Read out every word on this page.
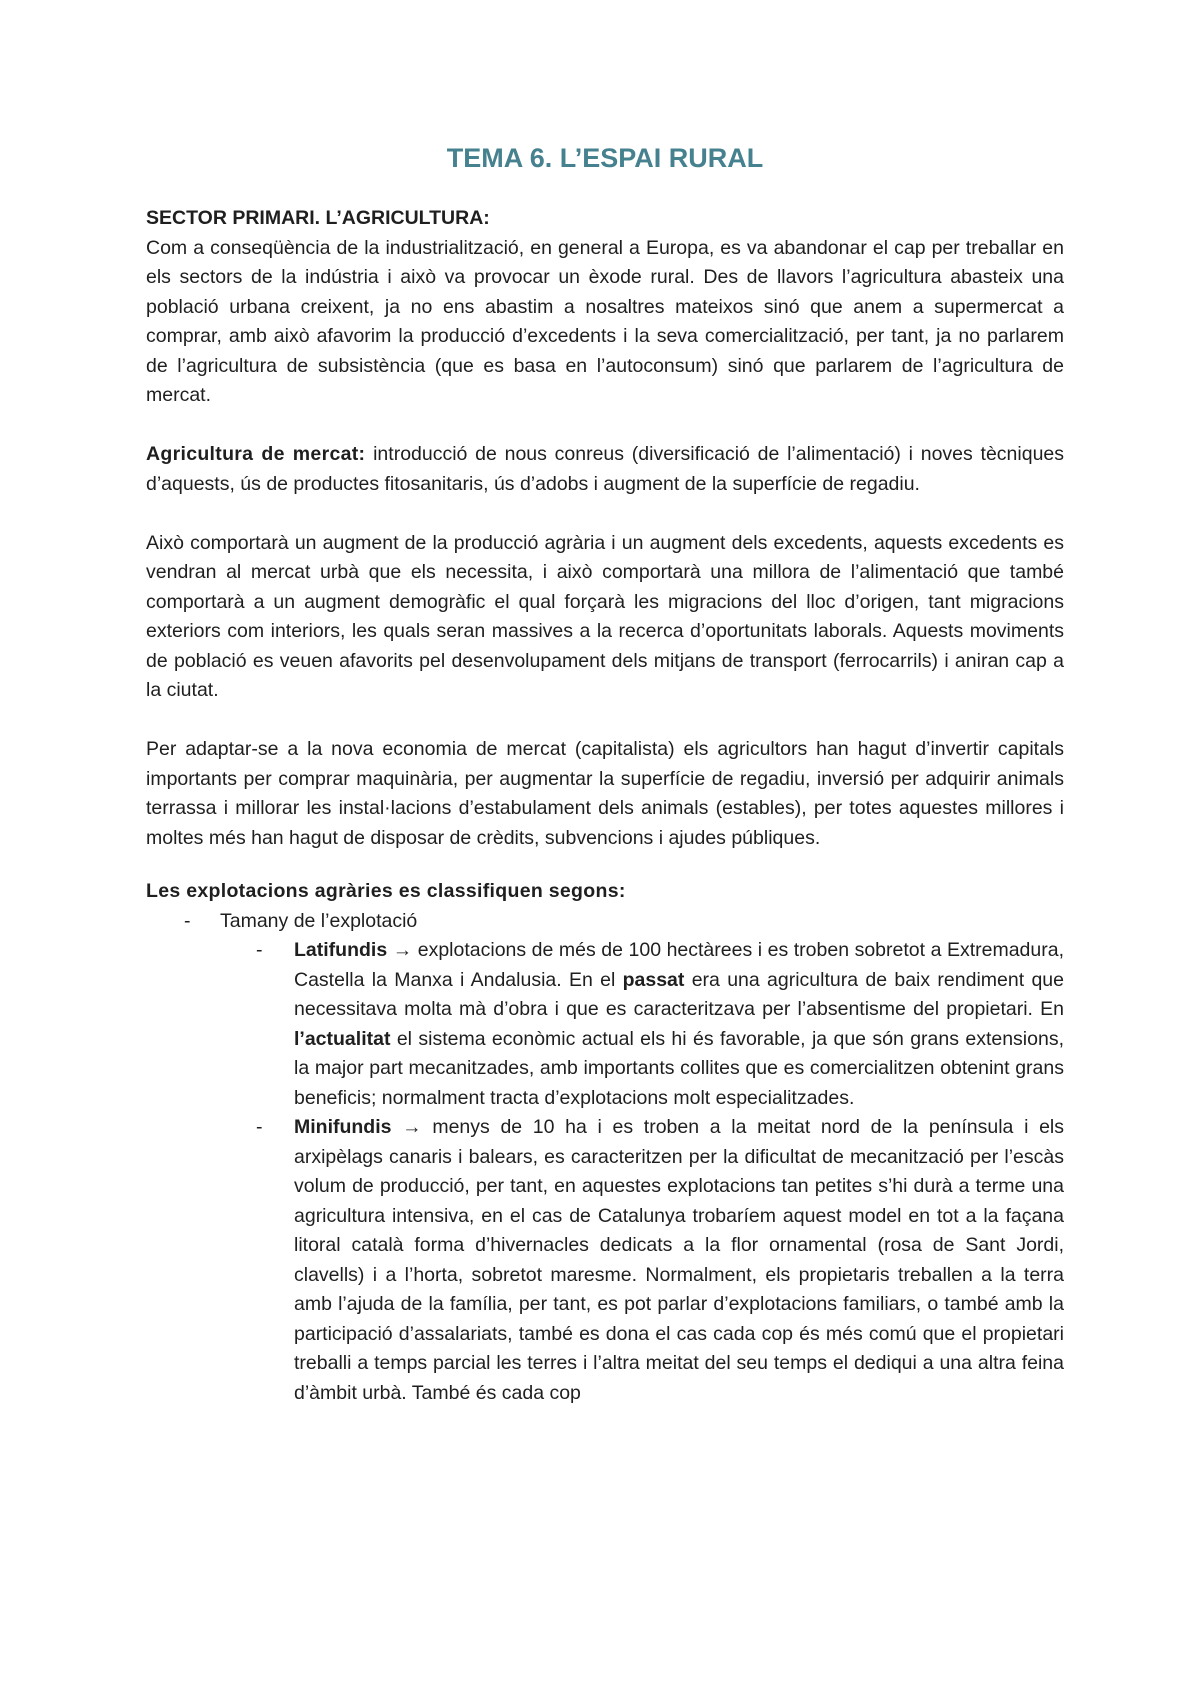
TEMA 6. L’ESPAI RURAL
SECTOR PRIMARI. L’AGRICULTURA:

Com a conseqüència de la industrialització, en general a Europa, es va abandonar el cap per treballar en els sectors de la indústria i això va provocar un èxode rural. Des de llavors l’agricultura abasteix una població urbana creixent, ja no ens abastim a nosaltres mateixos sinó que anem a supermercat a comprar, amb això afavorim la producció d’excedents i la seva comercialització, per tant, ja no parlarem de l’agricultura de subsistència (que es basa en l’autoconsum) sinó que parlarem de l’agricultura de mercat.

Agricultura de mercat: introducció de nous conreus (diversificació de l’alimentació) i noves tècniques d’aquests, ús de productes fitosanitaris, ús d’adobs i augment de la superfície de regadiu.

Això comportarà un augment de la producció agrària i un augment dels excedents, aquests excedents es vendran al mercat urbà que els necessita, i això comportarà una millora de l’alimentació que també comportarà a un augment demogràfic el qual forçarà les migracions del lloc d’origen, tant migracions exteriors com interiors, les quals seran massives a la recerca d’oportunitats laborals. Aquests moviments de població es veuen afavorits pel desenvolupament dels mitjans de transport (ferrocarrils) i aniran cap a la ciutat.

Per adaptar-se a la nova economia de mercat (capitalista) els agricultors han hagut d’invertir capitals importants per comprar maquinària, per augmentar la superfície de regadiu, inversió per adquirir animals terrassa i millorar les instal·lacions d’estabulament dels animals (estables), per totes aquestes millores i moltes més han hagut de disposar de crèdits, subvencions i ajudes públiques.

Les explotacions agràries es classifiquen segons:

- Tamany de l’explotació
- Latifundis → explotacions de més de 100 hectàrees i es troben sobretot a Extremadura, Castella la Manxa i Andalusia. En el passat era una agricultura de baix rendiment que necessitava molta mà d’obra i que es caracteritzava per l’absentisme del propietari. En l’actualitat el sistema econòmic actual els hi és favorable, ja que són grans extensions, la major part mecanitzades, amb importants collites que es comercialitzen obtenint grans beneficis; normalment tracta d’explotacions molt especialitzades.
- Minifundis → menys de 10 ha i es troben a la meitat nord de la península i els arxipèlags canaris i balears, es caracteritzen per la dificultat de mecanització per l’escàs volum de producció, per tant, en aquestes explotacions tan petites s’hi durà a terme una agricultura intensiva, en el cas de Catalunya trobaríem aquest model en tot a la façana litoral català forma d’hivernacles dedicats a la flor ornamental (rosa de Sant Jordi, clavells) i a l’horta, sobretot maresme. Normalment, els propietaris treballen a la terra amb l’ajuda de la família, per tant, es pot parlar d’explotacions familiars, o també amb la participació d’assalariats, també es dona el cas cada cop és més comú que el propietari treballi a temps parcial les terres i l’altra meitat del seu temps el dediqui a una altra feina d’àmbit urbà. També és cada cop
